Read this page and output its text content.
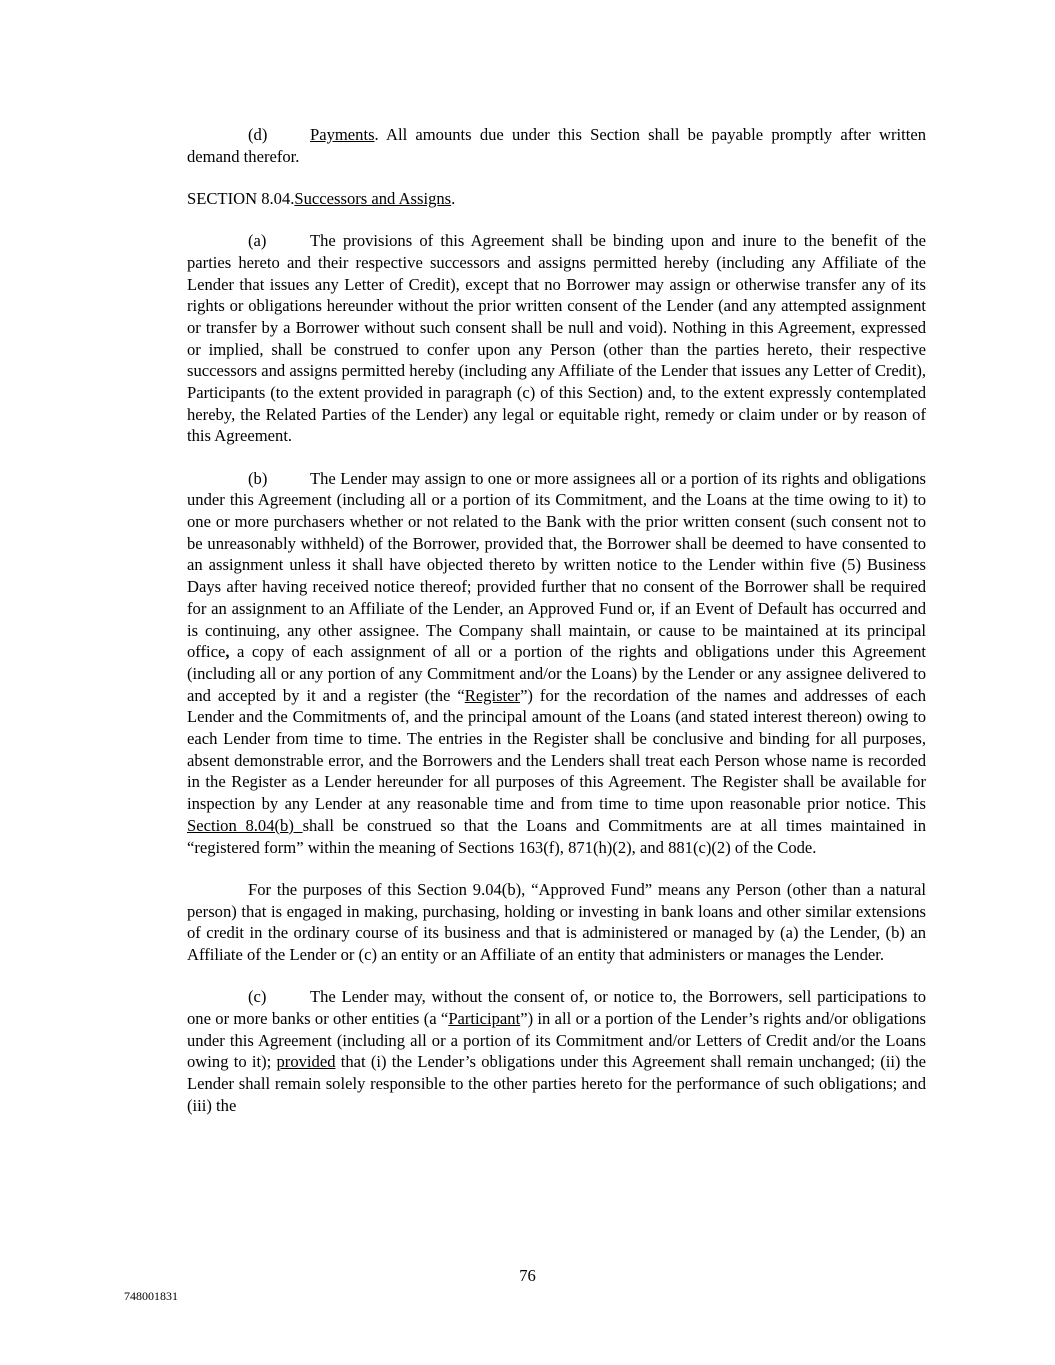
(d)	Payments. All amounts due under this Section shall be payable promptly after written demand therefor.

SECTION 8.04.Successors and Assigns.

(a)	The provisions of this Agreement shall be binding upon and inure to the benefit of the parties hereto and their respective successors and assigns permitted hereby (including any Affiliate of the Lender that issues any Letter of Credit), except that no Borrower may assign or otherwise transfer any of its rights or obligations hereunder without the prior written consent of the Lender (and any attempted assignment or transfer by a Borrower without such consent shall be null and void). Nothing in this Agreement, expressed or implied, shall be construed to confer upon any Person (other than the parties hereto, their respective successors and assigns permitted hereby (including any Affiliate of the Lender that issues any Letter of Credit), Participants (to the extent provided in paragraph (c) of this Section) and, to the extent expressly contemplated hereby, the Related Parties of the Lender) any legal or equitable right, remedy or claim under or by reason of this Agreement.

(b)	The Lender may assign to one or more assignees all or a portion of its rights and obligations under this Agreement (including all or a portion of its Commitment, and the Loans at the time owing to it) to one or more purchasers whether or not related to the Bank with the prior written consent (such consent not to be unreasonably withheld) of the Borrower, provided that, the Borrower shall be deemed to have consented to an assignment unless it shall have objected thereto by written notice to the Lender within five (5) Business Days after having received notice thereof; provided further that no consent of the Borrower shall be required for an assignment to an Affiliate of the Lender, an Approved Fund or, if an Event of Default has occurred and is continuing, any other assignee. The Company shall maintain, or cause to be maintained at its principal office, a copy of each assignment of all or a portion of the rights and obligations under this Agreement (including all or any portion of any Commitment and/or the Loans) by the Lender or any assignee delivered to and accepted by it and a register (the “Register”) for the recordation of the names and addresses of each Lender and the Commitments of, and the principal amount of the Loans (and stated interest thereon) owing to each Lender from time to time. The entries in the Register shall be conclusive and binding for all purposes, absent demonstrable error, and the Borrowers and the Lenders shall treat each Person whose name is recorded in the Register as a Lender hereunder for all purposes of this Agreement. The Register shall be available for inspection by any Lender at any reasonable time and from time to time upon reasonable prior notice. This Section 8.04(b) shall be construed so that the Loans and Commitments are at all times maintained in “registered form” within the meaning of Sections 163(f), 871(h)(2), and 881(c)(2) of the Code.

For the purposes of this Section 9.04(b), “Approved Fund” means any Person (other than a natural person) that is engaged in making, purchasing, holding or investing in bank loans and other similar extensions of credit in the ordinary course of its business and that is administered or managed by (a) the Lender, (b) an Affiliate of the Lender or (c) an entity or an Affiliate of an entity that administers or manages the Lender.

(c)	The Lender may, without the consent of, or notice to, the Borrowers, sell participations to one or more banks or other entities (a “Participant”) in all or a portion of the Lender’s rights and/or obligations under this Agreement (including all or a portion of its Commitment and/or Letters of Credit and/or the Loans owing to it); provided that (i) the Lender’s obligations under this Agreement shall remain unchanged; (ii) the Lender shall remain solely responsible to the other parties hereto for the performance of such obligations; and (iii) the

76
748001831
